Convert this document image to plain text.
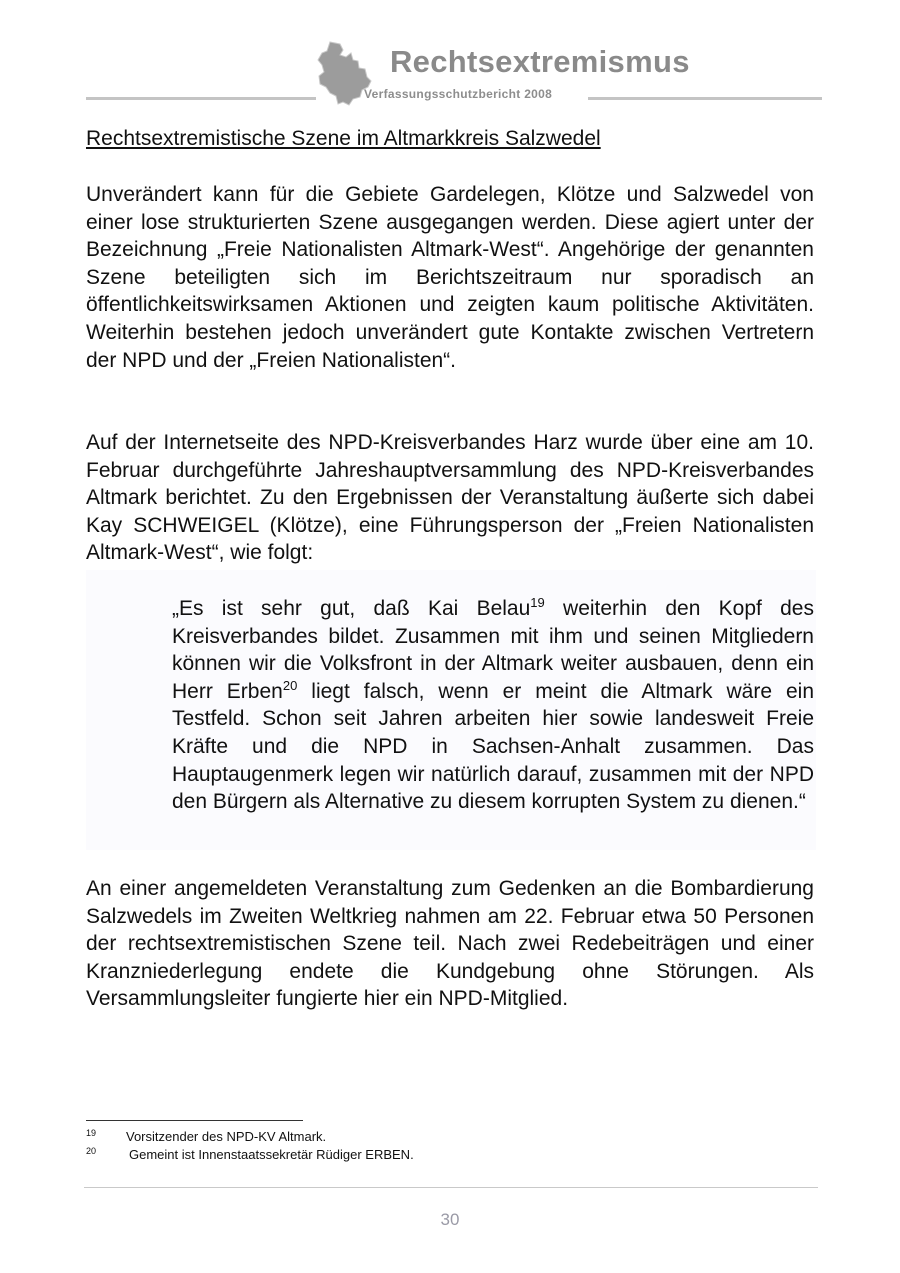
Rechtsextremismus
Verfassungsschutzbericht 2008
Rechtsextremistische Szene im Altmarkkreis Salzwedel

Unverändert kann für die Gebiete Gardelegen, Klötze und Salzwedel von einer lose strukturierten Szene ausgegangen werden. Diese agiert unter der Bezeichnung „Freie Nationalisten Altmark-West“. Angehörige der genannten Szene beteiligten sich im Berichtszeitraum nur sporadisch an öffentlichkeitswirksamen Aktionen und zeigten kaum politische Aktivitäten. Weiterhin bestehen jedoch unverändert gute Kontakte zwischen Vertretern der NPD und der „Freien Nationalisten“.

Auf der Internetseite des NPD-Kreisverbandes Harz wurde über eine am 10. Februar durchgeführte Jahreshauptversammlung des NPD-Kreisverbandes Altmark berichtet. Zu den Ergebnissen der Veranstaltung äußerte sich dabei Kay SCHWEIGEL (Klötze), eine Führungsperson der „Freien Nationalisten Altmark-West“, wie folgt:

„Es ist sehr gut, daß Kai Belau$^{19}$ weiterhin den Kopf des Kreisverbandes bildet. Zusammen mit ihm und seinen Mitgliedern können wir die Volksfront in der Altmark weiter ausbauen, denn ein Herr Erben$^{20}$ liegt falsch, wenn er meint die Altmark wäre ein Testfeld. Schon seit Jahren arbeiten hier sowie landesweit Freie Kräfte und die NPD in Sachsen-Anhalt zusammen. Das Hauptaugenmerk legen wir natürlich darauf, zusammen mit der NPD den Bürgern als Alternative zu diesem korrupten System zu dienen.“

An einer angemeldeten Veranstaltung zum Gedenken an die Bombardierung Salzwedels im Zweiten Weltkrieg nahmen am 22. Februar etwa 50 Personen der rechtsextremistischen Szene teil. Nach zwei Redebeiträgen und einer Kranzniederlegung endete die Kundgebung ohne Störungen. Als Versammlungsleiter fungierte hier ein NPD-Mitglied.

19 Vorsitzender des NPD-KV Altmark.
20	Gemeint ist Innenstaatssekretär Rüdiger ERBEN.
30
